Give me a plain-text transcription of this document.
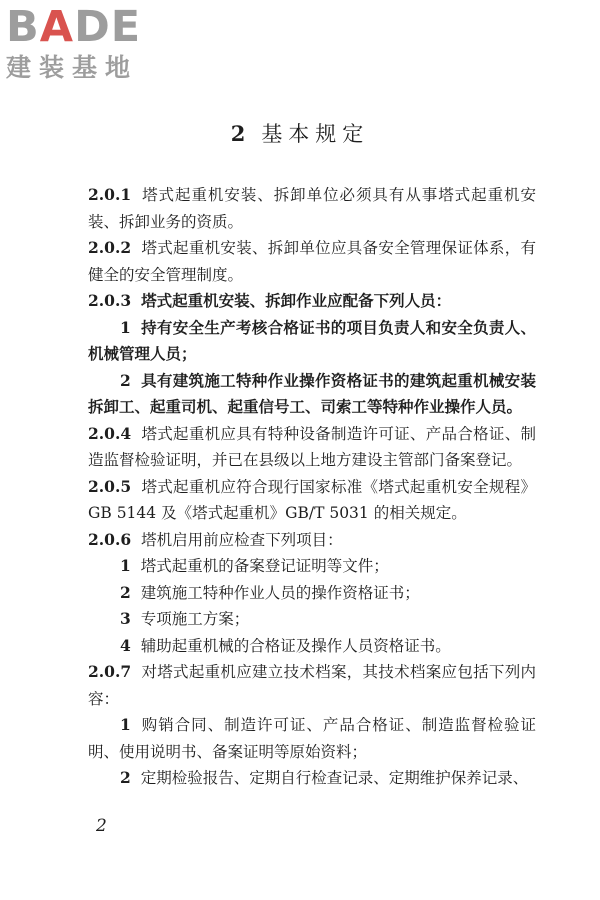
BADE
建装基地
2 基本规定

2.0.1 塔式起重机安装、拆卸单位必须具有从事塔式起重机安装、拆卸业务的资质。

2.0.2 塔式起重机安装、拆卸单位应具备安全管理保证体系，有健全的安全管理制度。

2.0.3 塔式起重机安装、拆卸作业应配备下列人员：

1 持有安全生产考核合格证书的项目负责人和安全负责人、机械管理人员；

2 具有建筑施工特种作业操作资格证书的建筑起重机械安装拆卸工、起重司机、起重信号工、司索工等特种作业操作人员。

2.0.4 塔式起重机应具有特种设备制造许可证、产品合格证、制造监督检验证明，并已在县级以上地方建设主管部门备案登记。

2.0.5 塔式起重机应符合现行国家标准《塔式起重机安全规程》GB 5144 及《塔式起重机》GB/T 5031 的相关规定。

2.0.6 塔机启用前应检查下列项目：

1 塔式起重机的备案登记证明等文件；

2 建筑施工特种作业人员的操作资格证书；

3 专项施工方案；

4 辅助起重机械的合格证及操作人员资格证书。

2.0.7 对塔式起重机应建立技术档案，其技术档案应包括下列内容：

1 购销合同、制造许可证、产品合格证、制造监督检验证明、使用说明书、备案证明等原始资料；

2 定期检验报告、定期自行检查记录、定期维护保养记录、

2
